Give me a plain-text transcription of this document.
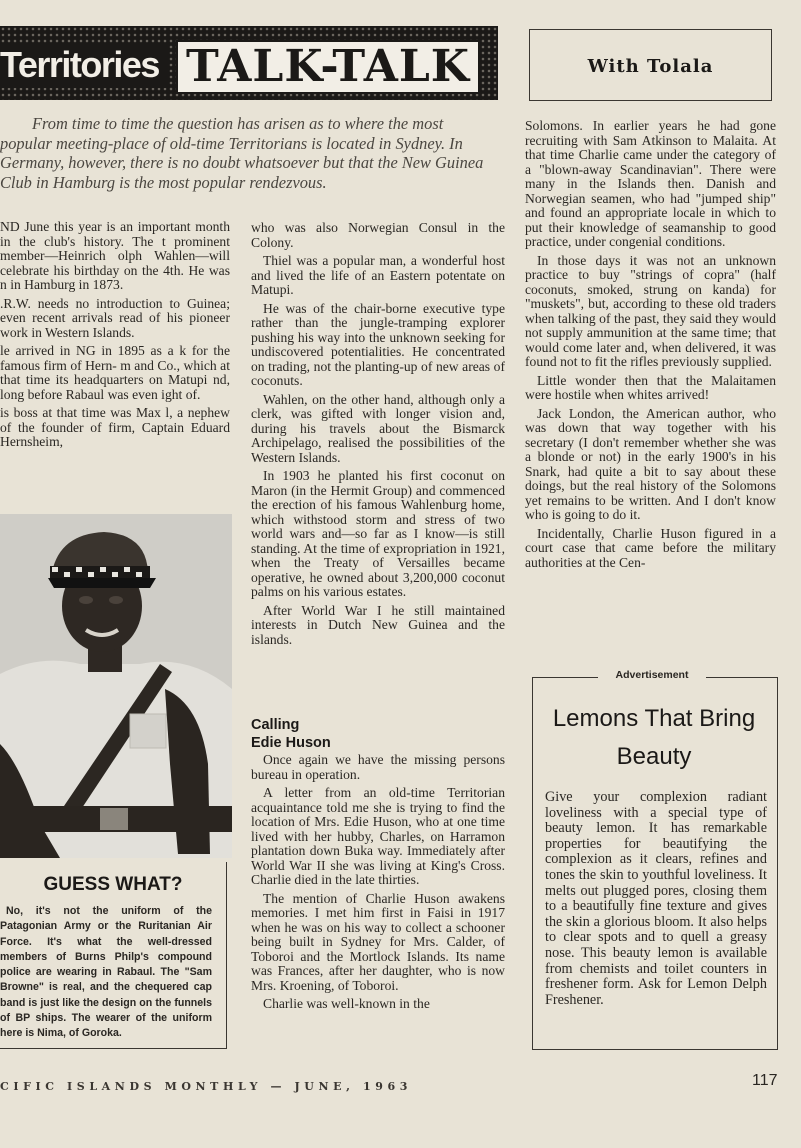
Territories TALK-TALK	With Tolala

From time to time the question has arisen as to where the most popular meeting-place of old-time Territorians is located in Sydney. In Germany, however, there is no doubt whatsoever but that the New Guinea Club in Hamburg is the most popular rendezvous.

ND June this year is an important month in the club's history. The t prominent member—Heinrich olph Wahlen—will celebrate his birthday on the 4th. He was n in Hamburg in 1873.

.R.W. needs no introduction to Guinea; even recent arrivals read of his pioneer work in Western Islands.

le arrived in NG in 1895 as a k for the famous firm of Hern- m and Co., which at that time its headquarters on Matupi nd, long before Rabaul was even ight of.

is boss at that time was Max l, a nephew of the founder of firm, Captain Eduard Hernsheim,

GUESS WHAT?

No, it's not the uniform of the Patagonian Army or the Ruritanian Air Force. It's what the well-dressed members of Burns Philp's compound police are wearing in Rabaul. The "Sam Browne" is real, and the chequered cap band is just like the design on the funnels of BP ships. The wearer of the uniform here is Nima, of Goroka.

who was also Norwegian Consul in the Colony.

Thiel was a popular man, a wonderful host and lived the life of an Eastern potentate on Matupi.

He was of the chair-borne executive type rather than the jungle-tramping explorer pushing his way into the unknown seeking for undiscovered potentialities. He concentrated on trading, not the planting-up of new areas of coconuts.

Wahlen, on the other hand, although only a clerk, was gifted with longer vision and, during his travels about the Bismarck Archipelago, realised the possibilities of the Western Islands.

In 1903 he planted his first coconut on Maron (in the Hermit Group) and commenced the erection of his famous Wahlenburg home, which withstood storm and stress of two world wars and—so far as I know—is still standing. At the time of expropriation in 1921, when the Treaty of Versailles became operative, he owned about 3,200,000 coconut palms on his various estates.

After World War I he still maintained interests in Dutch New Guinea and the islands.

Calling
Edie Huson

Once again we have the missing persons bureau in operation.

A letter from an old-time Territorian acquaintance told me she is trying to find the location of Mrs. Edie Huson, who at one time lived with her hubby, Charles, on Harramon plantation down Buka way. Immediately after World War II she was living at King's Cross. Charlie died in the late thirties.

The mention of Charlie Huson awakens memories. I met him first in Faisi in 1917 when he was on his way to collect a schooner being built in Sydney for Mrs. Calder, of Toboroi and the Mortlock Islands. Its name was Frances, after her daughter, who is now Mrs. Kroening, of Toboroi.

Charlie was well-known in the

Solomons. In earlier years he had gone recruiting with Sam Atkinson to Malaita. At that time Charlie came under the category of a "blown-away Scandinavian". There were many in the Islands then. Danish and Norwegian seamen, who had "jumped ship" and found an appropriate locale in which to put their knowledge of seamanship to good practice, under congenial conditions.

In those days it was not an unknown practice to buy "strings of copra" (half coconuts, smoked, strung on kanda) for "muskets", but, according to these old traders when talking of the past, they said they would not supply ammunition at the same time; that would come later and, when delivered, it was found not to fit the rifles previously supplied.

Little wonder then that the Malaitamen were hostile when whites arrived!

Jack London, the American author, who was down that way together with his secretary (I don't remember whether she was a blonde or not) in the early 1900's in his Snark, had quite a bit to say about these doings, but the real history of the Solomons yet remains to be written. And I don't know who is going to do it.

Incidentally, Charlie Huson figured in a court case that came before the military authorities at the Cen-

Advertisement
Lemons That Bring
Beauty

Give your complexion radiant loveliness with a special type of beauty lemon. It has remarkable properties for beautifying the complexion as it clears, refines and tones the skin to youthful loveliness. It melts out plugged pores, closing them to a beautifully fine texture and gives the skin a glorious bloom. It also helps to clear spots and to quell a greasy nose. This beauty lemon is available from chemists and toilet counters in freshener form. Ask for Lemon Delph Freshener.

CIFIC ISLANDS MONTHLY — JUNE, 1963	117
